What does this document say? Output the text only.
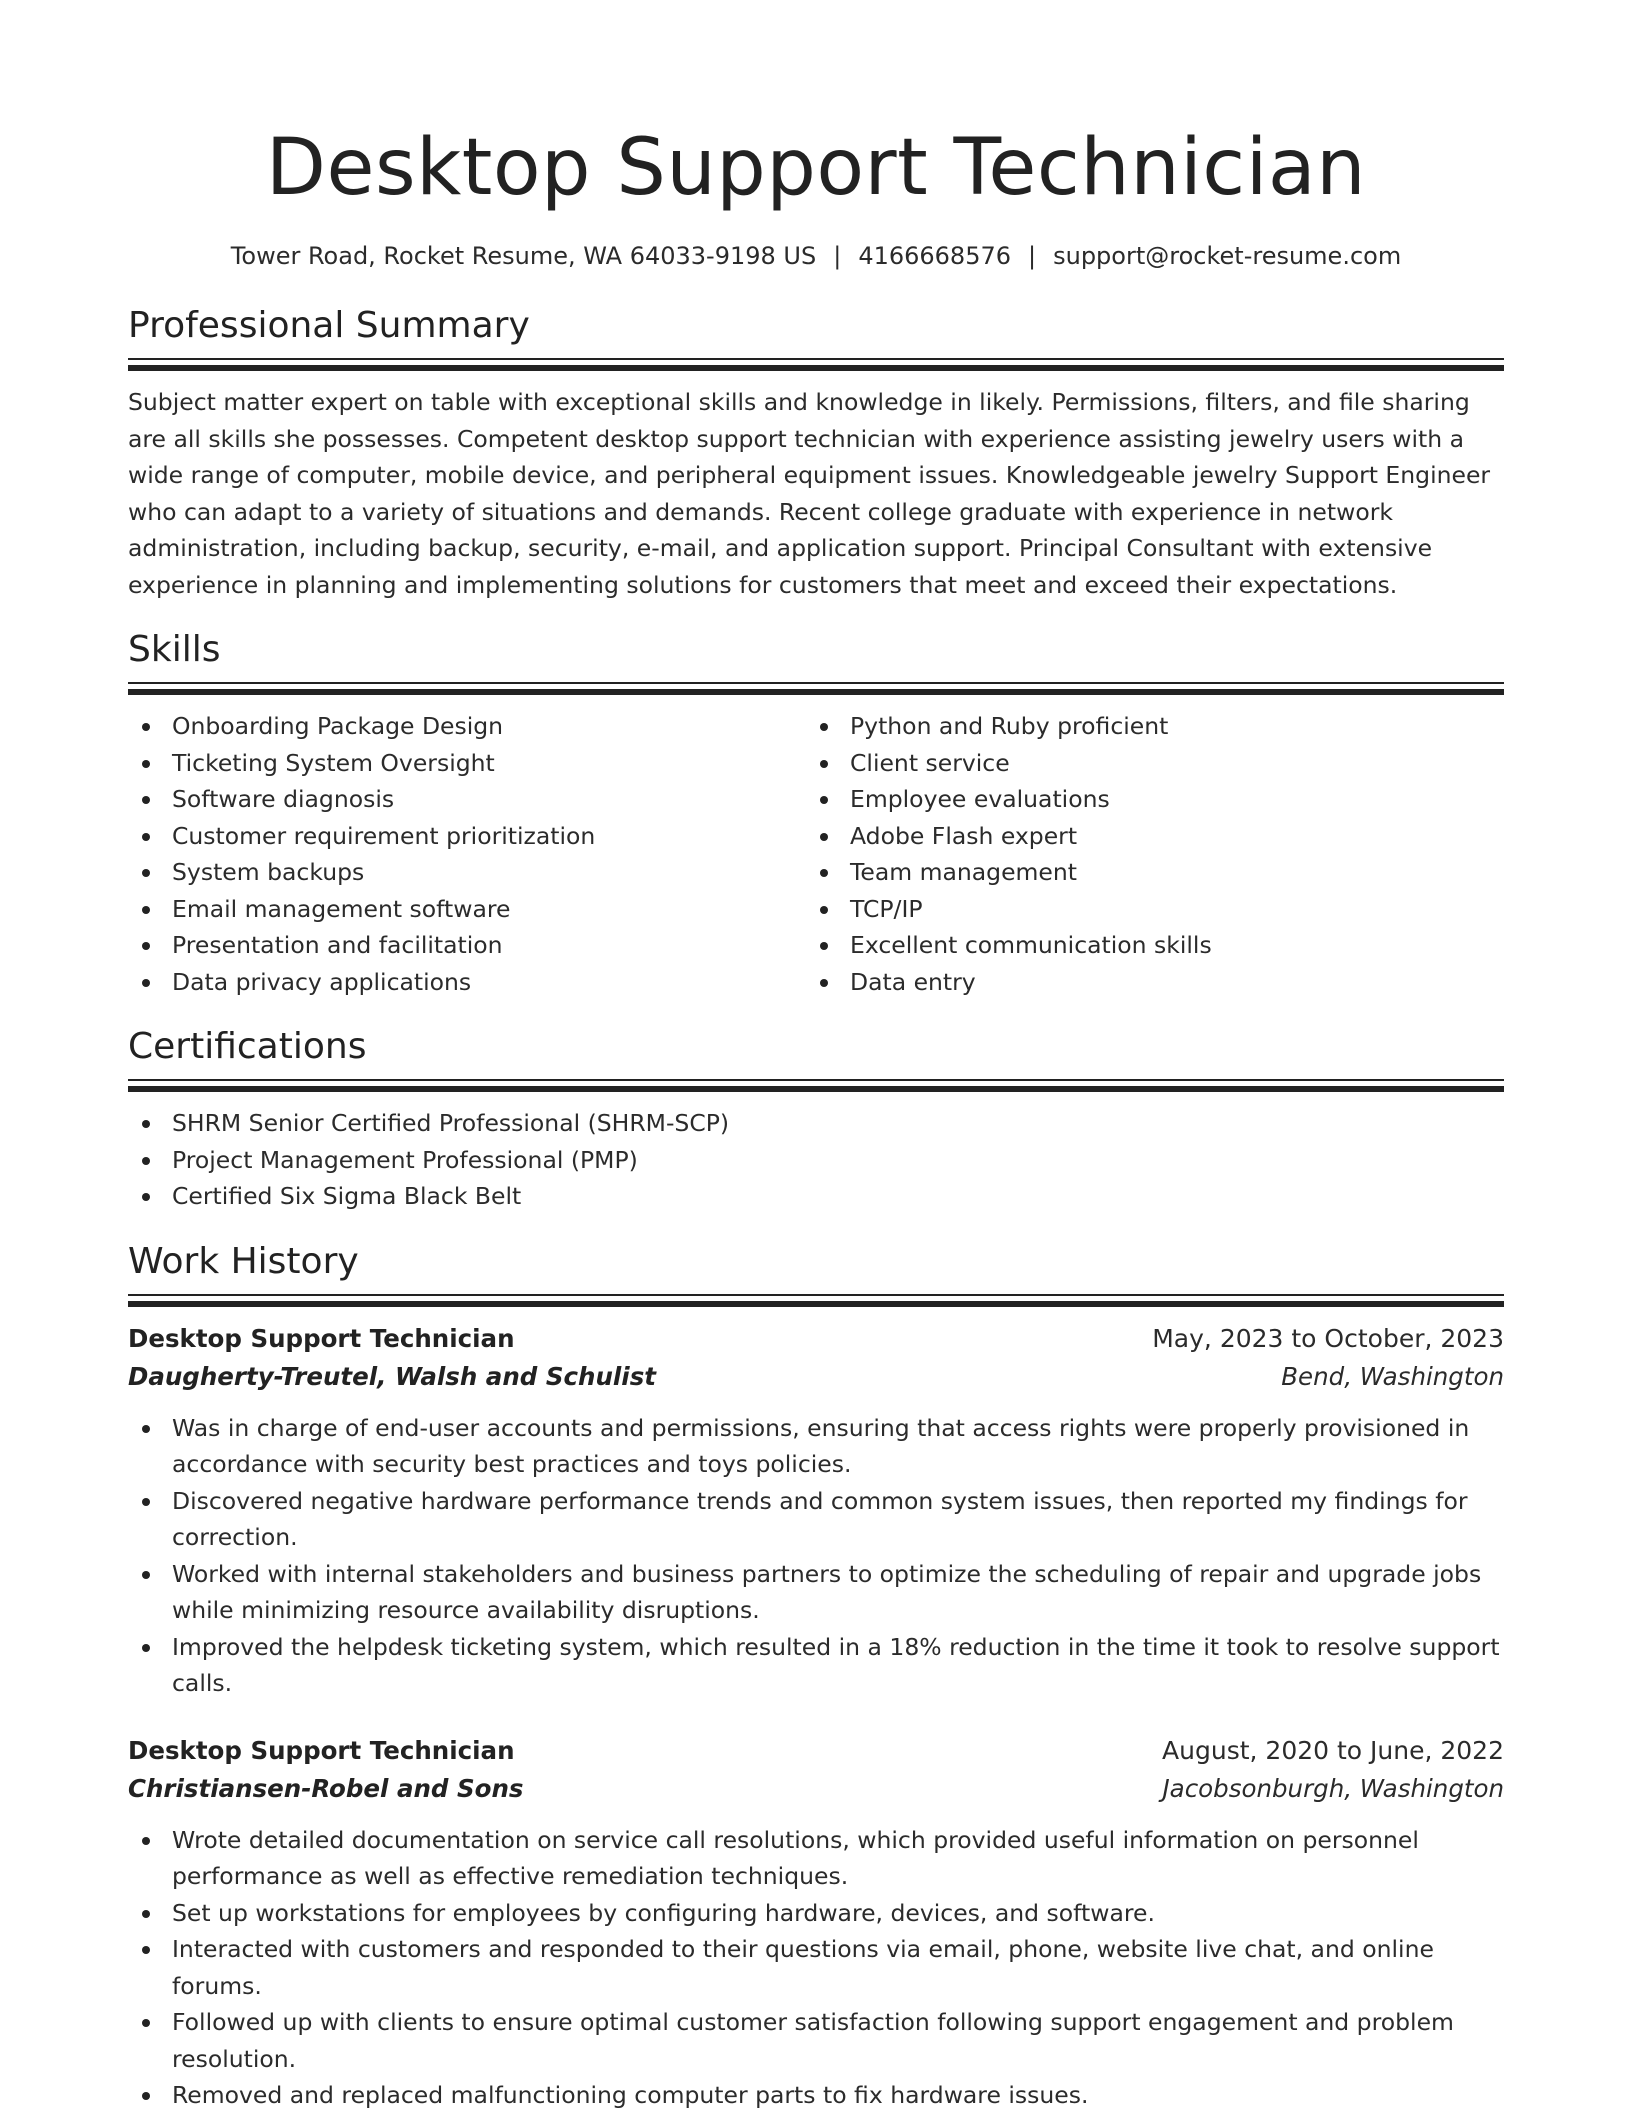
Desktop Support Technician
Tower Road, Rocket Resume, WA 64033-9198 US | 4166668576 | support@rocket-resume.com
Professional Summary

Subject matter expert on table with exceptional skills and knowledge in likely. Permissions, filters, and file sharing are all skills she possesses. Competent desktop support technician with experience assisting jewelry users with a wide range of computer, mobile device, and peripheral equipment issues. Knowledgeable jewelry Support Engineer who can adapt to a variety of situations and demands. Recent college graduate with experience in network administration, including backup, security, e-mail, and application support. Principal Consultant with extensive experience in planning and implementing solutions for customers that meet and exceed their expectations.

Skills
Onboarding Package Design
Ticketing System Oversight
Software diagnosis
Customer requirement prioritization
System backups
Email management software
Presentation and facilitation
Data privacy applications
Python and Ruby proficient
Client service
Employee evaluations
Adobe Flash expert
Team management
TCP/IP
Excellent communication skills
Data entry
Certifications
SHRM Senior Certified Professional (SHRM-SCP)
Project Management Professional (PMP)
Certified Six Sigma Black Belt
Work History
Desktop Support Technician	May, 2023 to October, 2023
Daugherty-Treutel, Walsh and Schulist	Bend, Washington
Was in charge of end-user accounts and permissions, ensuring that access rights were properly provisioned in accordance with security best practices and toys policies.
Discovered negative hardware performance trends and common system issues, then reported my findings for correction.
Worked with internal stakeholders and business partners to optimize the scheduling of repair and upgrade jobs while minimizing resource availability disruptions.
Improved the helpdesk ticketing system, which resulted in a 18% reduction in the time it took to resolve support calls.
Desktop Support Technician	August, 2020 to June, 2022
Christiansen-Robel and Sons	Jacobsonburgh, Washington
Wrote detailed documentation on service call resolutions, which provided useful information on personnel performance as well as effective remediation techniques.
Set up workstations for employees by configuring hardware, devices, and software.
Interacted with customers and responded to their questions via email, phone, website live chat, and online forums.
Followed up with clients to ensure optimal customer satisfaction following support engagement and problem resolution.
Removed and replaced malfunctioning computer parts to fix hardware issues.
